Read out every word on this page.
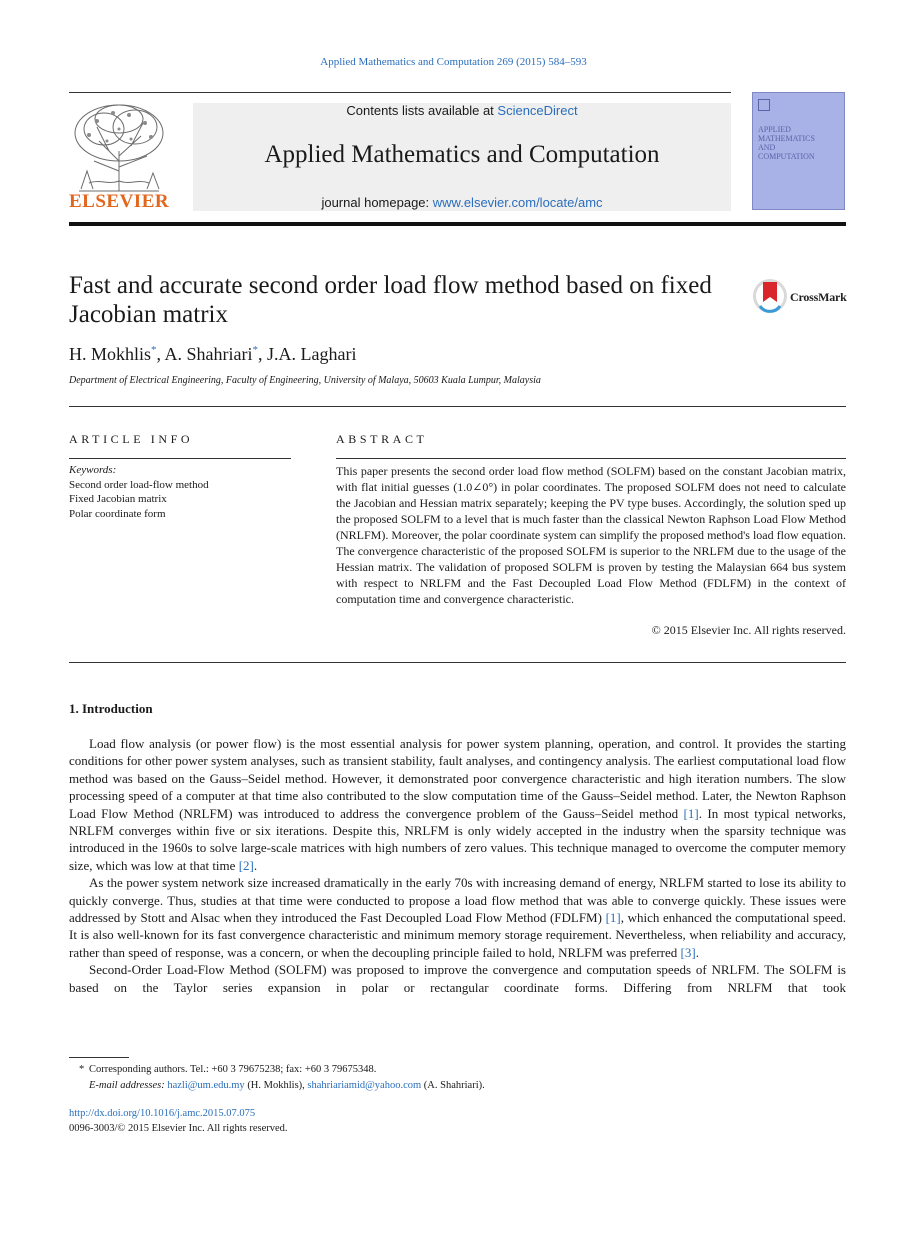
Applied Mathematics and Computation 269 (2015) 584–593
ELSEVIER
Contents lists available at ScienceDirect
Applied Mathematics and Computation
journal homepage: www.elsevier.com/locate/amc
APPLIED
MATHEMATICS
AND
COMPUTATION
Fast and accurate second order load flow method based on fixed Jacobian matrix
CrossMark
H. Mokhlis*, A. Shahriari*, J.A. Laghari
Department of Electrical Engineering, Faculty of Engineering, University of Malaya, 50603 Kuala Lumpur, Malaysia
ARTICLE INFO
Keywords:
Second order load-flow method
Fixed Jacobian matrix
Polar coordinate form
ABSTRACT
This paper presents the second order load flow method (SOLFM) based on the constant Jacobian matrix, with flat initial guesses (1.0∠0°) in polar coordinates. The proposed SOLFM does not need to calculate the Jacobian and Hessian matrix separately; keeping the PV type buses. Accordingly, the solution sped up the proposed SOLFM to a level that is much faster than the classical Newton Raphson Load Flow Method (NRLFM). Moreover, the polar coordinate system can simplify the proposed method's load flow equation. The convergence characteristic of the proposed SOLFM is superior to the NRLFM due to the usage of the Hessian matrix. The validation of proposed SOLFM is proven by testing the Malaysian 664 bus system with respect to NRLFM and the Fast Decoupled Load Flow Method (FDLFM) in the context of computation time and convergence characteristic.
© 2015 Elsevier Inc. All rights reserved.
1. Introduction

Load flow analysis (or power flow) is the most essential analysis for power system planning, operation, and control. It provides the starting conditions for other power system analyses, such as transient stability, fault analyses, and contingency analysis. The earliest computational load flow method was based on the Gauss–Seidel method. However, it demonstrated poor convergence characteristic and high iteration numbers. The slow processing speed of a computer at that time also contributed to the slow computation time of the Gauss–Seidel method. Later, the Newton Raphson Load Flow Method (NRLFM) was introduced to address the convergence problem of the Gauss–Seidel method [1]. In most typical networks, NRLFM converges within five or six iterations. Despite this, NRLFM is only widely accepted in the industry when the sparsity technique was introduced in the 1960s to solve large-scale matrices with high numbers of zero values. This technique managed to overcome the computer memory size, which was low at that time [2].

As the power system network size increased dramatically in the early 70s with increasing demand of energy, NRLFM started to lose its ability to quickly converge. Thus, studies at that time were conducted to propose a load flow method that was able to converge quickly. These issues were addressed by Stott and Alsac when they introduced the Fast Decoupled Load Flow Method (FDLFM) [1], which enhanced the computational speed. It is also well-known for its fast convergence characteristic and minimum memory storage requirement. Nevertheless, when reliability and accuracy, rather than speed of response, was a concern, or when the decoupling principle failed to hold, NRLFM was preferred [3].

Second-Order Load-Flow Method (SOLFM) was proposed to improve the convergence and computation speeds of NRLFM. The SOLFM is based on the Taylor series expansion in polar or rectangular coordinate forms. Differing from NRLFM that took

* Corresponding authors. Tel.: +60 3 79675238; fax: +60 3 79675348.
E-mail addresses: hazli@um.edu.my (H. Mokhlis), shahriariamid@yahoo.com (A. Shahriari).
http://dx.doi.org/10.1016/j.amc.2015.07.075
0096-3003/© 2015 Elsevier Inc. All rights reserved.
